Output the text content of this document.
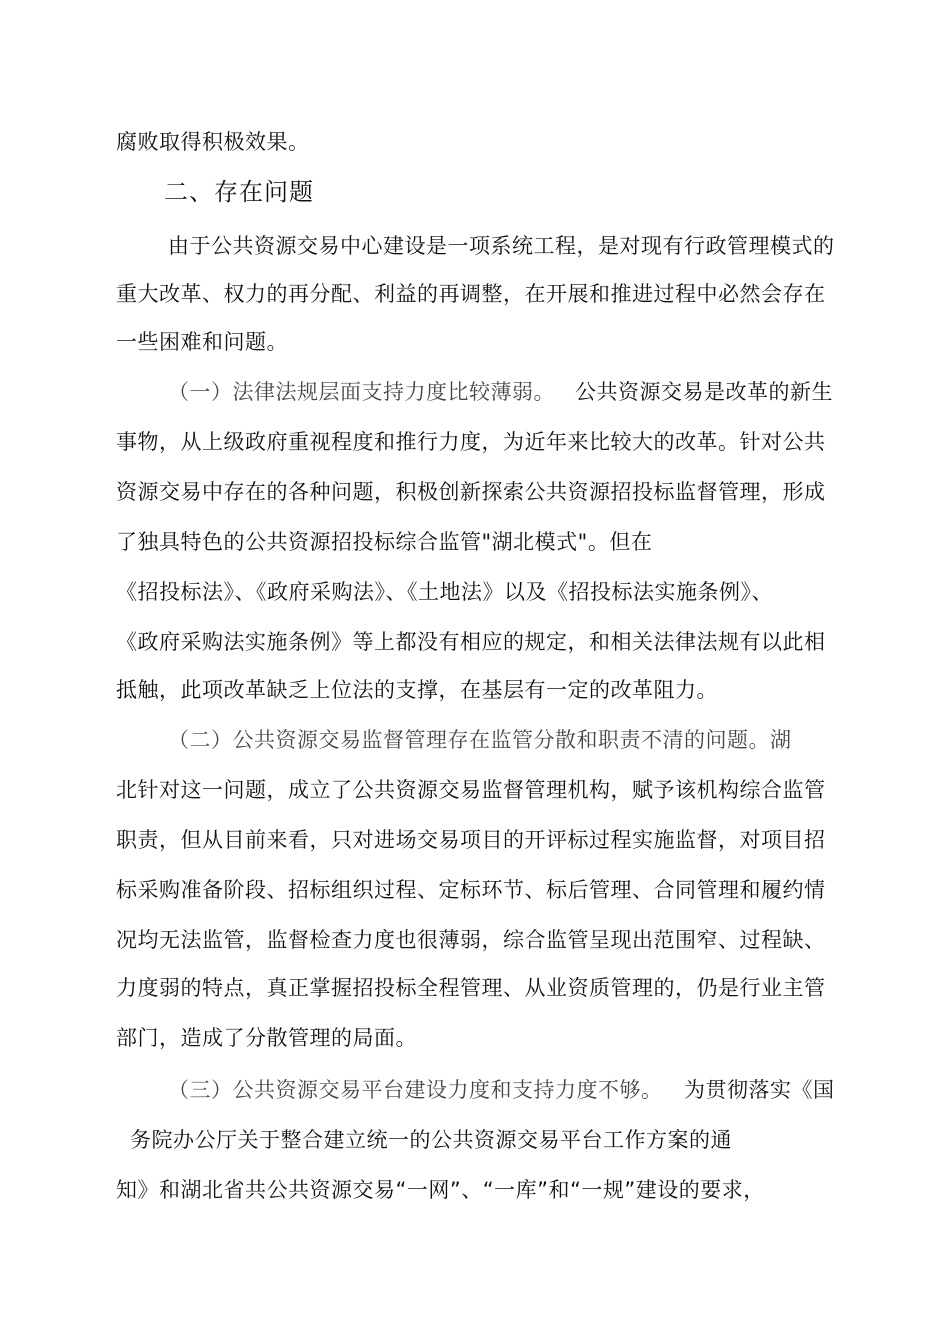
腐败取得积极效果。
二、存在问题
由于公共资源交易中心建设是一项系统工程，是对现有行政管理模式的
重大改革、权力的再分配、利益的再调整，在开展和推进过程中必然会存在
一些困难和问题。
（一）法律法规层面支持力度比较薄弱。 公共资源交易是改革的新生
事物，从上级政府重视程度和推行力度，为近年来比较大的改革。针对公共
资源交易中存在的各种问题，积极创新探索公共资源招投标监督管理，形成
了独具特色的公共资源招投标综合监管"湖北模式"。但在
《招投标法》、《政府采购法》、《土地法》以及《招投标法实施条例》、
《政府采购法实施条例》等上都没有相应的规定，和相关法律法规有以此相
抵触，此项改革缺乏上位法的支撑，在基层有一定的改革阻力。
（二）公共资源交易监督管理存在监管分散和职责不清的问题。湖
北针对这一问题，成立了公共资源交易监督管理机构，赋予该机构综合监管
职责，但从目前来看，只对进场交易项目的开评标过程实施监督，对项目招
标采购准备阶段、招标组织过程、定标环节、标后管理、合同管理和履约情
况均无法监管，监督检查力度也很薄弱，综合监管呈现出范围窄、过程缺、
力度弱的特点，真正掌握招投标全程管理、从业资质管理的，仍是行业主管
部门，造成了分散管理的局面。
（三）公共资源交易平台建设力度和支持力度不够。 为贯彻落实《国
务院办公厅关于整合建立统一的公共资源交易平台工作方案的通
知》和湖北省共公共资源交易“一网”、“一库”和“一规”建设的要求，
